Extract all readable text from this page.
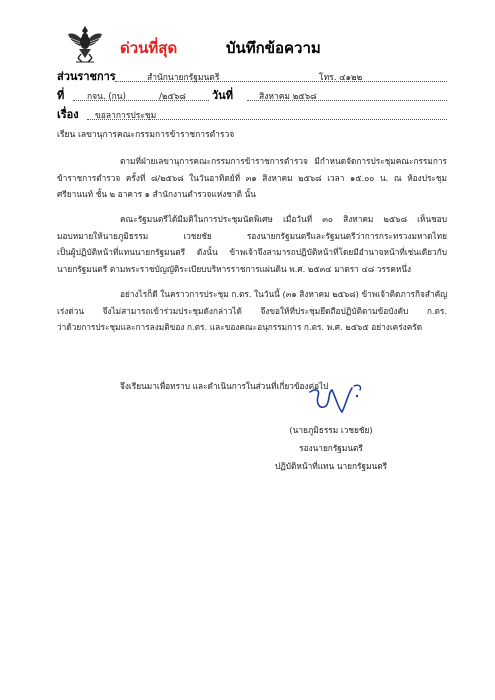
ด่วนที่สุด	บันทึกข้อความ
ส่วนราชการ	สำนักนายกรัฐมนตรี	โทร. ๔๑๒๒
ที่	กจน. (กน)	/๒๕๖๘ วันที่	สิงหาคม ๒๕๖๘
เรื่อง ขอลาการประชุม
เรียน เลขานุการคณะกรรมการข้าราชการตำรวจ
ตามที่ฝ่ายเลขานุการคณะกรรมการข้าราชการตำรวจ มีกำหนดจัดการประชุมคณะกรรมการ
ข้าราชการตำรวจ ครั้งที่ ๘/๒๕๖๘ ในวันอาทิตย์ที่ ๓๑ สิงหาคม ๒๕๖๘ เวลา ๑๕.๐๐ น. ณ ห้องประชุม
ศรียานนท์ ชั้น ๒ อาคาร ๑ สำนักงานตำรวจแห่งชาติ นั้น
คณะรัฐมนตรีได้มีมติในการประชุมนัดพิเศษ เมื่อวันที่ ๓๐ สิงหาคม ๒๕๖๘ เห็นชอบ
มอบหมายให้นายภูมิธรรม เวชยชัย รองนายกรัฐมนตรีและรัฐมนตรีว่าการกระทรวงมหาดไทย
เป็นผู้ปฏิบัติหน้าที่แทนนายกรัฐมนตรี ดังนั้น ข้าพเจ้าจึงสามารถปฏิบัติหน้าที่โดยมีอำนาจหน้าที่เช่นเดียวกับ
นายกรัฐมนตรี ตามพระราชบัญญัติระเบียบบริหารราชการแผ่นดิน พ.ศ. ๒๕๓๔ มาตรา ๔๘ วรรคหนึ่ง
อย่างไรก็ดี ในคราวการประชุม ก.ตร. ในวันนี้ (๓๑ สิงหาคม ๒๕๖๘) ข้าพเจ้าติดภารกิจสำคัญ
เร่งด่วน จึงไม่สามารถเข้าร่วมประชุมดังกล่าวได้ จึงขอให้ที่ประชุมยึดถือปฏิบัติตามข้อบังคับ ก.ตร.
ว่าด้วยการประชุมและการลงมติของ ก.ตร. และของคณะอนุกรรมการ ก.ตร. พ.ศ. ๒๕๖๕ อย่างเคร่งครัด
จึงเรียนมาเพื่อทราบ และดำเนินการในส่วนที่เกี่ยวข้องต่อไป
(นายภูมิธรรม เวชยชัย)
รองนายกรัฐมนตรี
ปฏิบัติหน้าที่แทน นายกรัฐมนตรี
